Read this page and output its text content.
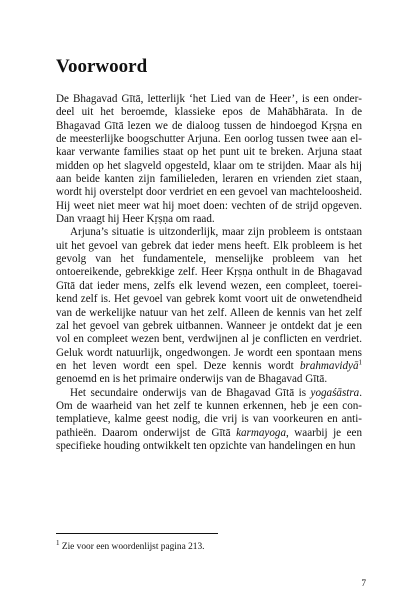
Voorwoord

De Bhagavad Gītā, letterlijk ‘het Lied van de Heer’, is een onderdeel uit het beroemde, klassieke epos de Mahābhārata. In de Bhagavad Gītā lezen we de dialoog tussen de hindoegod Kṛṣṇa en de meesterlijke boogschutter Arjuna. Een oorlog tussen twee aan elkaar verwante families staat op het punt uit te breken. Arjuna staat midden op het slagveld opgesteld, klaar om te strijden. Maar als hij aan beide kanten zijn familieleden, leraren en vrienden ziet staan, wordt hij overstelpt door verdriet en een gevoel van machteloosheid. Hij weet niet meer wat hij moet doen: vechten of de strijd opgeven. Dan vraagt hij Heer Kṛṣṇa om raad.

Arjuna’s situatie is uitzonderlijk, maar zijn probleem is ontstaan uit het gevoel van gebrek dat ieder mens heeft. Elk probleem is het gevolg van het fundamentele, menselijke probleem van het ontoereikende, gebrekkige zelf. Heer Kṛṣṇa onthult in de Bhagavad Gītā dat ieder mens, zelfs elk levend wezen, een compleet, toereikend zelf is. Het gevoel van gebrek komt voort uit de onwetendheid van de werkelijke natuur van het zelf. Alleen de kennis van het zelf zal het gevoel van gebrek uitbannen. Wanneer je ontdekt dat je een vol en compleet wezen bent, verdwijnen al je conflicten en verdriet. Geluk wordt natuurlijk, ongedwongen. Je wordt een spontaan mens en het leven wordt een spel. Deze kennis wordt brahmavidyā$^1$ genoemd en is het primaire onderwijs van de Bhagavad Gītā.

Het secundaire onderwijs van de Bhagavad Gītā is yogaśāstra. Om de waarheid van het zelf te kunnen erkennen, heb je een contemplatieve, kalme geest nodig, die vrij is van voorkeuren en antipathieën. Daarom onderwijst de Gītā karmayoga, waarbij je een specifieke houding ontwikkelt ten opzichte van handelingen en hun

$^1$ Zie voor een woordenlijst pagina 213.
7
